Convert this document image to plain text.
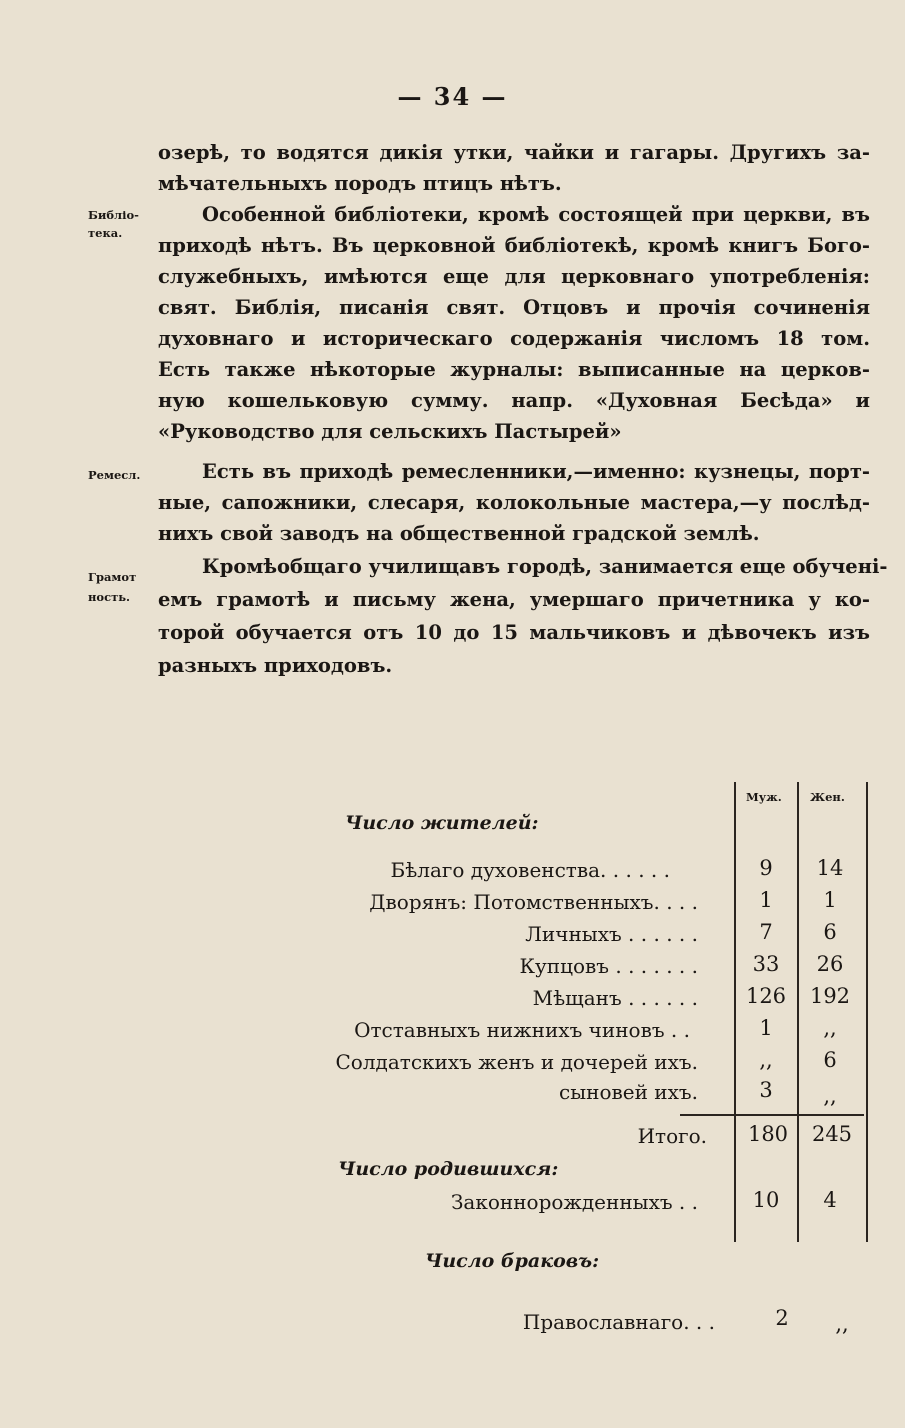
— 34 —
озерѣ, то водятся дикія утки, чайки и гагары. Другихъ за-
мѣчательныхъ породъ птицъ нѣтъ.
Особенной библіотеки, кромѣ состоящей при церкви, въ
приходѣ нѣтъ. Въ церковной библіотекѣ, кромѣ книгъ Бого-
служебныхъ, имѣются еще для церковнаго употребленія:
свят. Библія, писанія свят. Отцовъ и прочія сочиненія
духовнаго и историческаго содержанія числомъ 18 том.
Есть также нѣкоторые журналы: выписанные на церков-
ную кошельковую сумму. напр. «Духовная Бесѣда» и
«Руководство для сельскихъ Пастырей»
Есть въ приходѣ ремесленники,—именно: кузнецы, порт-
ные, сапожники, слесаря, колокольные мастера,—у послѣд-
нихъ свой заводъ на общественной градской землѣ.
Кромѣобщаго училищавъ городѣ, занимается еще обученi-
емъ грамотѣ и письму жена, умершаго причетника у ко-
торой обучается отъ 10 до 15 мальчиковъ и дѣвочекъ изъ
разныхъ приходовъ.
Библіо-
тека.
Ремесл.
Грамот
ность.
Муж. Жен.
Число жителей:
Бѣлаго духовенства. . . . . .	9	14
Дворянъ: Потомственныхъ. . . .	1	1
Личныхъ . . . . . .	7	6
Купцовъ . . . . . . .	33	26
Мѣщанъ . . . . . .	126	192
Отставныхъ нижнихъ чиновъ . .	1	,,
Солдатскихъ женъ и дочерей ихъ.	,,	6
сыновей ихъ.	3	,,
Итого.	180	245
Число родившихся:
Законнорожденныхъ . .	10	4
Число браковъ:
Православнаго. . .	2	,,
